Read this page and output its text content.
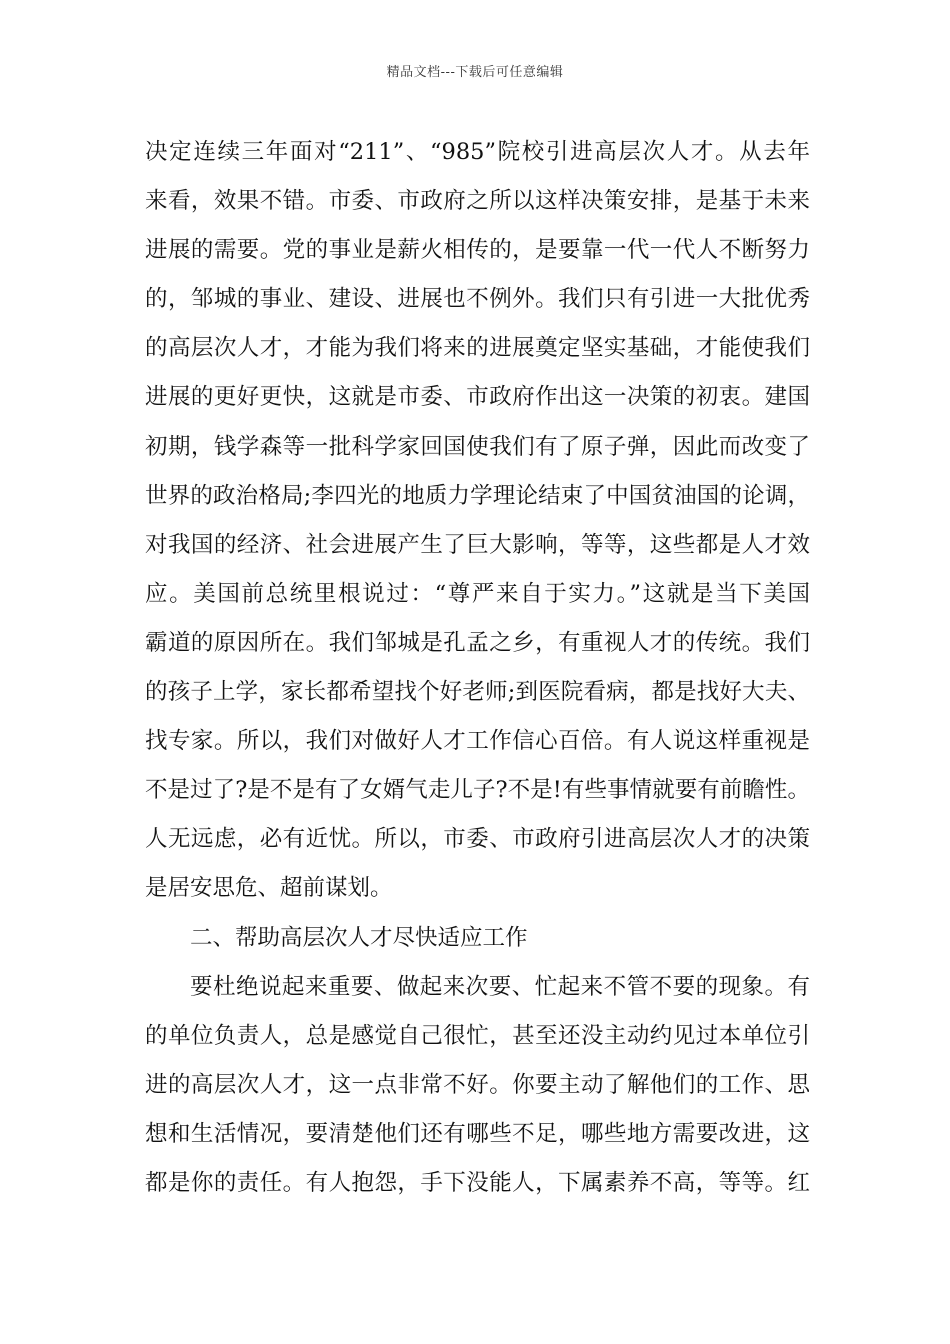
精品文档---下载后可任意编辑
决定连续三年面对“211”、“985”院校引进高层次人才。从去年
来看，效果不错。市委、市政府之所以这样决策安排，是基于未来
进展的需要。党的事业是薪火相传的，是要靠一代一代人不断努力
的，邹城的事业、建设、进展也不例外。我们只有引进一大批优秀
的高层次人才，才能为我们将来的进展奠定坚实基础，才能使我们
进展的更好更快，这就是市委、市政府作出这一决策的初衷。建国
初期，钱学森等一批科学家回国使我们有了原子弹，因此而改变了
世界的政治格局;李四光的地质力学理论结束了中国贫油国的论调，
对我国的经济、社会进展产生了巨大影响，等等，这些都是人才效
应。美国前总统里根说过：“尊严来自于实力。”这就是当下美国
霸道的原因所在。我们邹城是孔孟之乡，有重视人才的传统。我们
的孩子上学，家长都希望找个好老师;到医院看病，都是找好大夫、
找专家。所以，我们对做好人才工作信心百倍。有人说这样重视是
不是过了?是不是有了女婿气走儿子?不是!有些事情就要有前瞻性。
人无远虑，必有近忧。所以，市委、市政府引进高层次人才的决策
是居安思危、超前谋划。
二、帮助高层次人才尽快适应工作
要杜绝说起来重要、做起来次要、忙起来不管不要的现象。有
的单位负责人，总是感觉自己很忙，甚至还没主动约见过本单位引
进的高层次人才，这一点非常不好。你要主动了解他们的工作、思
想和生活情况，要清楚他们还有哪些不足，哪些地方需要改进，这
都是你的责任。有人抱怨，手下没能人，下属素养不高，等等。红
